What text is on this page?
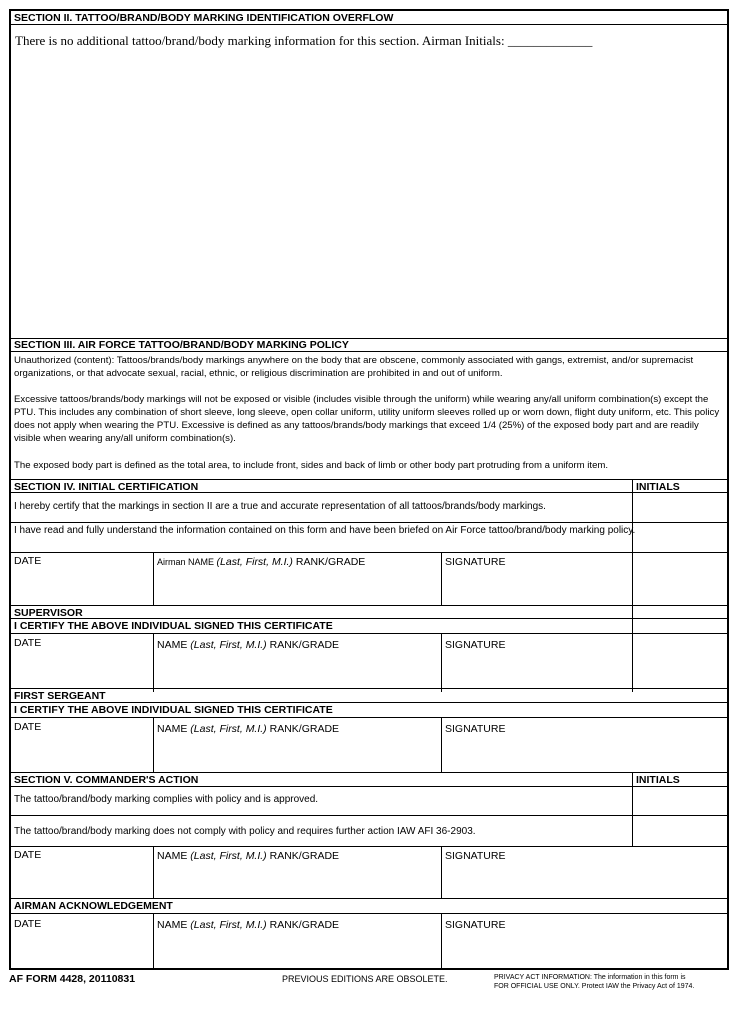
SECTION II. TATTOO/BRAND/BODY MARKING IDENTIFICATION OVERFLOW
There is no additional tattoo/brand/body marking information for this section. Airman Initials: _____________
SECTION III. AIR FORCE TATTOO/BRAND/BODY MARKING POLICY
Unauthorized (content): Tattoos/brands/body markings anywhere on the body that are obscene, commonly associated with gangs, extremist, and/or supremacist organizations, or that advocate sexual, racial, ethnic, or religious discrimination are prohibited in and out of uniform.
Excessive tattoos/brands/body markings will not be exposed or visible (includes visible through the uniform) while wearing any/all uniform combination(s) except the PTU. This includes any combination of short sleeve, long sleeve, open collar uniform, utility uniform sleeves rolled up or worn down, flight duty uniform, etc. This policy does not apply when wearing the PTU. Excessive is defined as any tattoos/brands/body markings that exceed 1/4 (25%) of the exposed body part and are readily visible when wearing any/all uniform combination(s).
The exposed body part is defined as the total area, to include front, sides and back of limb or other body part protruding from a uniform item.
SECTION IV. INITIAL CERTIFICATION	INITIALS
I hereby certify that the markings in section II are a true and accurate representation of all tattoos/brands/body markings.
I have read and fully understand the information contained on this form and have been briefed on Air Force tattoo/brand/body marking policy.
DATE	Airman NAME (Last, First, M.I.) RANK/GRADE	SIGNATURE
SUPERVISOR
I CERTIFY THE ABOVE INDIVIDUAL SIGNED THIS CERTIFICATE
DATE	NAME (Last, First, M.I.) RANK/GRADE	SIGNATURE
FIRST SERGEANT
I CERTIFY THE ABOVE INDIVIDUAL SIGNED THIS CERTIFICATE
DATE	NAME (Last, First, M.I.) RANK/GRADE	SIGNATURE
SECTION V. COMMANDER'S ACTION	INITIALS
The tattoo/brand/body marking complies with policy and is approved.
The tattoo/brand/body marking does not comply with policy and requires further action IAW AFI 36-2903.
DATE	NAME (Last, First, M.I.) RANK/GRADE	SIGNATURE
AIRMAN ACKNOWLEDGEMENT
DATE	NAME (Last, First, M.I.) RANK/GRADE	SIGNATURE
AF FORM 4428, 20110831	PREVIOUS EDITIONS ARE OBSOLETE.	PRIVACY ACT INFORMATION: The information in this form is
FOR OFFICIAL USE ONLY. Protect IAW the Privacy Act of 1974.
